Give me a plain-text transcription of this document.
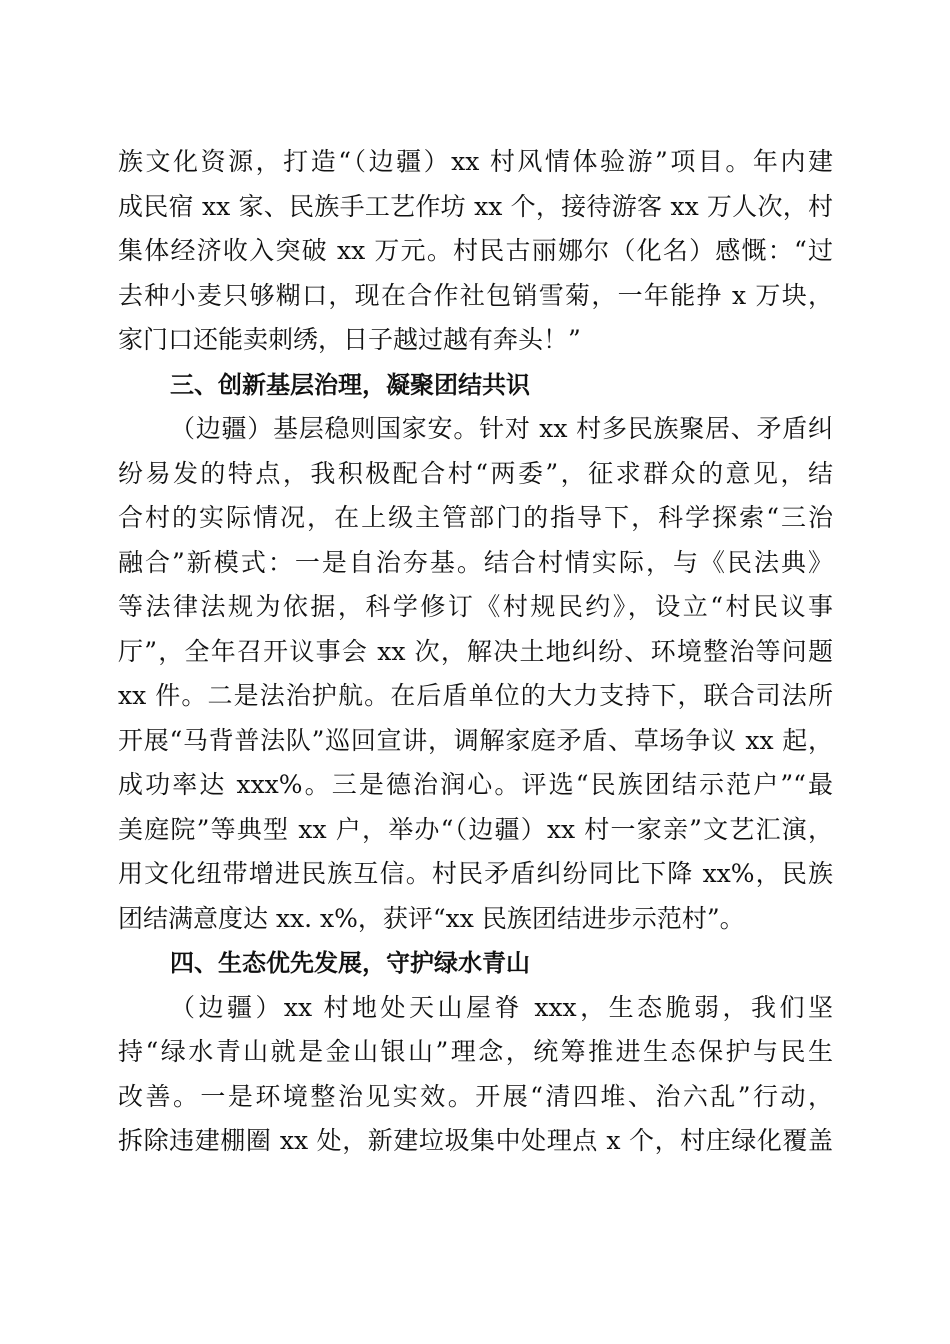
族文化资源，打造“（边疆）xx 村风情体验游”项目。年内建
成民宿 xx 家、民族手工艺作坊 xx 个，接待游客 xx 万人次，村
集体经济收入突破 xx 万元。村民古丽娜尔（化名）感慨：“过
去种小麦只够糊口，现在合作社包销雪菊，一年能挣 x 万块，
家门口还能卖刺绣，日子越过越有奔头！”
三、创新基层治理，凝聚团结共识
（边疆）基层稳则国家安。针对 xx 村多民族聚居、矛盾纠
纷易发的特点，我积极配合村“两委”，征求群众的意见，结
合村的实际情况，在上级主管部门的指导下，科学探索“三治
融合”新模式：一是自治夯基。结合村情实际，与《民法典》
等法律法规为依据，科学修订《村规民约》，设立“村民议事
厅”，全年召开议事会 xx 次，解决土地纠纷、环境整治等问题
xx 件。二是法治护航。在后盾单位的大力支持下，联合司法所
开展“马背普法队”巡回宣讲，调解家庭矛盾、草场争议 xx 起，
成功率达 xxx%。三是德治润心。评选“民族团结示范户”“最
美庭院”等典型 xx 户，举办“（边疆）xx 村一家亲”文艺汇演，
用文化纽带增进民族互信。村民矛盾纠纷同比下降 xx%，民族
团结满意度达 xx. x%，获评“xx 民族团结进步示范村”。
四、生态优先发展，守护绿水青山
（边疆）xx 村地处天山屋脊 xxx，生态脆弱，我们坚
持“绿水青山就是金山银山”理念，统筹推进生态保护与民生
改善。一是环境整治见实效。开展“清四堆、治六乱”行动，
拆除违建棚圈 xx 处，新建垃圾集中处理点 x 个，村庄绿化覆盖
